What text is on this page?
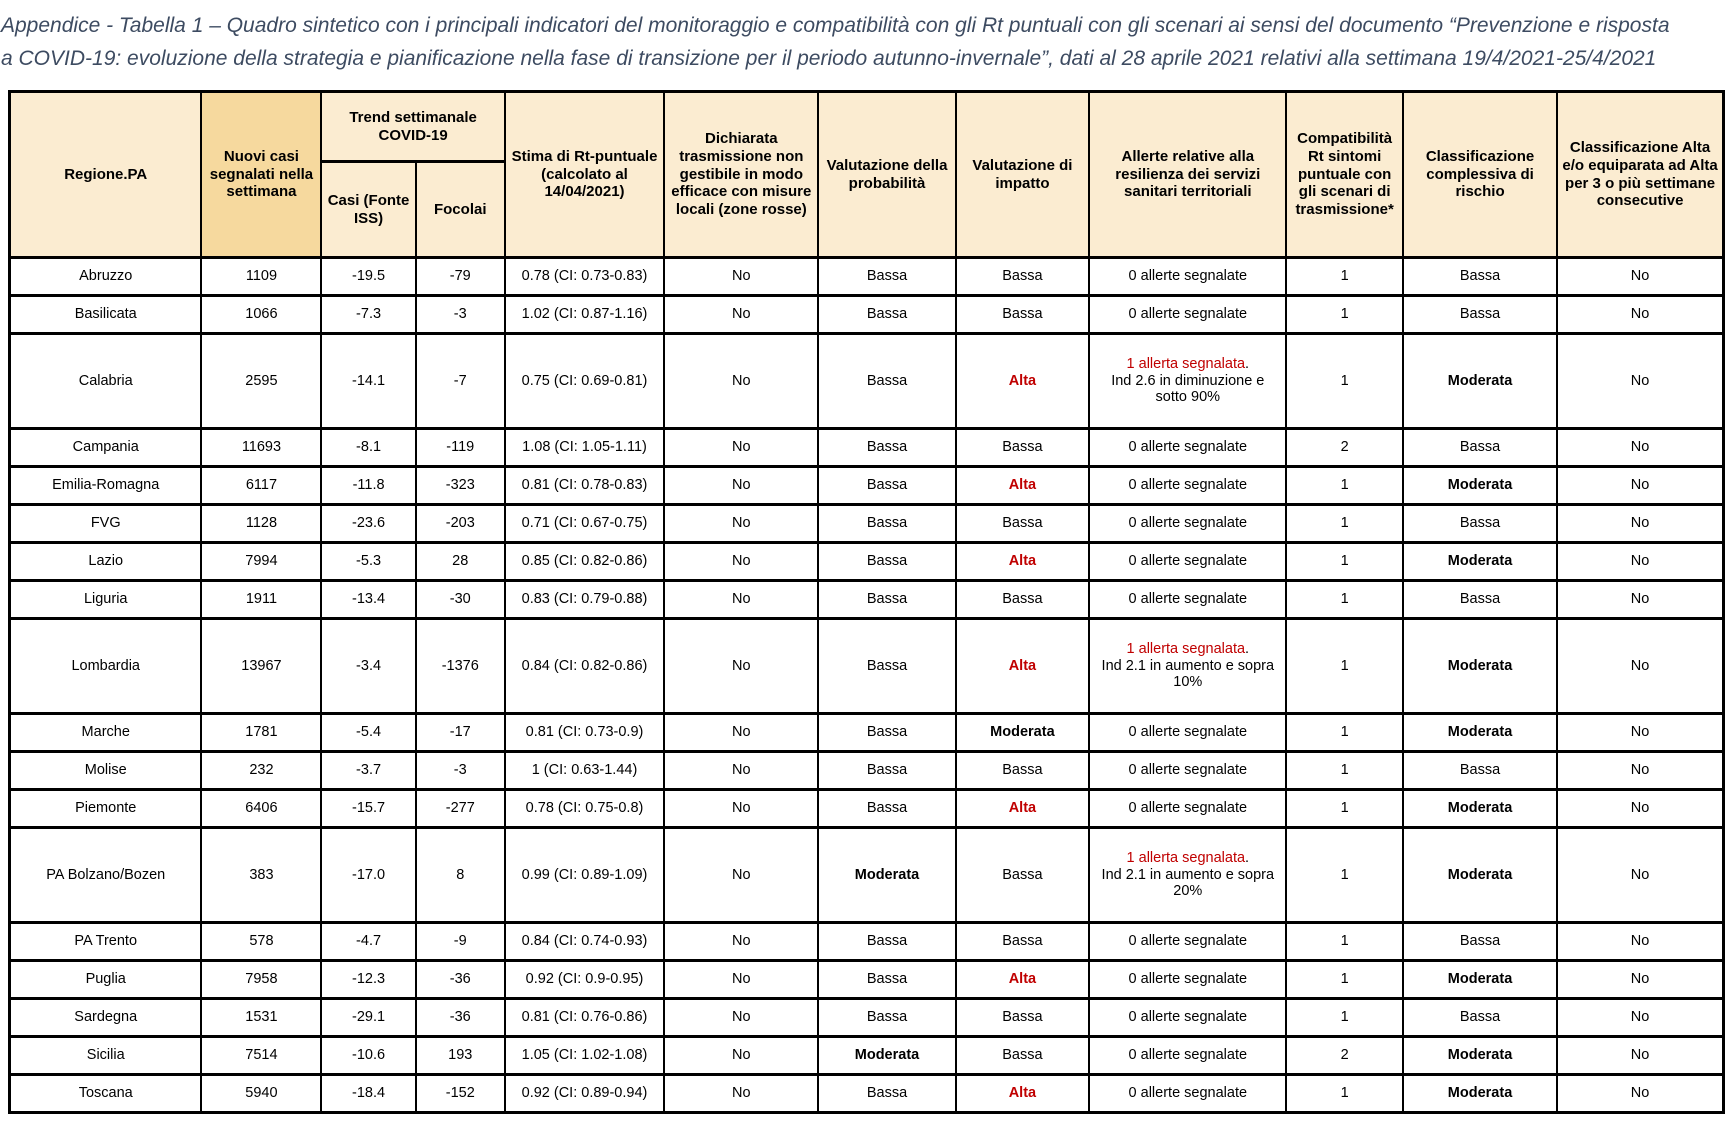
Appendice - Tabella 1 – Quadro sintetico con i principali indicatori del monitoraggio e compatibilità con gli Rt puntuali con gli scenari ai sensi del documento “Prevenzione e risposta
a COVID-19: evoluzione della strategia e pianificazione nella fase di transizione per il periodo autunno-invernale”, dati al 28 aprile 2021 relativi alla settimana 19/4/2021-25/4/2021
Regione.PA	Nuovi casi segnalati nella settimana	Trend settimanale COVID-19		Stima di Rt-puntuale (calcolato al 14/04/2021)	Dichiarata trasmissione non gestibile in modo efficace con misure locali (zone rosse)	Valutazione della probabilità	Valutazione di impatto	Allerte relative alla resilienza dei servizi sanitari territoriali	Compatibilità Rt sintomi puntuale con gli scenari di trasmissione*	Classificazione complessiva di rischio	Classificazione Alta e/o equiparata ad Alta per 3 o più settimane consecutive
		Casi (Fonte ISS)	Focolai								
Abruzzo	1109	-19.5	-79	0.78 (CI: 0.73-0.83)	No	Bassa	Bassa	0 allerte segnalate	1	Bassa	No
Basilicata	1066	-7.3	-3	1.02 (CI: 0.87-1.16)	No	Bassa	Bassa	0 allerte segnalate	1	Bassa	No
Calabria	2595	-14.1	-7	0.75 (CI: 0.69-0.81)	No	Bassa	Alta	1 allerta segnalata.
Ind 2.6 in diminuzione e sotto 90%	1	Moderata	No
Campania	11693	-8.1	-119	1.08 (CI: 1.05-1.11)	No	Bassa	Bassa	0 allerte segnalate	2	Bassa	No
Emilia-Romagna	6117	-11.8	-323	0.81 (CI: 0.78-0.83)	No	Bassa	Alta	0 allerte segnalate	1	Moderata	No
FVG	1128	-23.6	-203	0.71 (CI: 0.67-0.75)	No	Bassa	Bassa	0 allerte segnalate	1	Bassa	No
Lazio	7994	-5.3	28	0.85 (CI: 0.82-0.86)	No	Bassa	Alta	0 allerte segnalate	1	Moderata	No
Liguria	1911	-13.4	-30	0.83 (CI: 0.79-0.88)	No	Bassa	Bassa	0 allerte segnalate	1	Bassa	No
Lombardia	13967	-3.4	-1376	0.84 (CI: 0.82-0.86)	No	Bassa	Alta	1 allerta segnalata.
Ind 2.1 in aumento e sopra 10%	1	Moderata	No
Marche	1781	-5.4	-17	0.81 (CI: 0.73-0.9)	No	Bassa	Moderata	0 allerte segnalate	1	Moderata	No
Molise	232	-3.7	-3	1 (CI: 0.63-1.44)	No	Bassa	Bassa	0 allerte segnalate	1	Bassa	No
Piemonte	6406	-15.7	-277	0.78 (CI: 0.75-0.8)	No	Bassa	Alta	0 allerte segnalate	1	Moderata	No
PA Bolzano/Bozen	383	-17.0	8	0.99 (CI: 0.89-1.09)	No	Moderata	Bassa	1 allerta segnalata.
Ind 2.1 in aumento e sopra 20%	1	Moderata	No
PA Trento	578	-4.7	-9	0.84 (CI: 0.74-0.93)	No	Bassa	Bassa	0 allerte segnalate	1	Bassa	No
Puglia	7958	-12.3	-36	0.92 (CI: 0.9-0.95)	No	Bassa	Alta	0 allerte segnalate	1	Moderata	No
Sardegna	1531	-29.1	-36	0.81 (CI: 0.76-0.86)	No	Bassa	Bassa	0 allerte segnalate	1	Bassa	No
Sicilia	7514	-10.6	193	1.05 (CI: 1.02-1.08)	No	Moderata	Bassa	0 allerte segnalate	2	Moderata	No
Toscana	5940	-18.4	-152	0.92 (CI: 0.89-0.94)	No	Bassa	Alta	0 allerte segnalate	1	Moderata	No
